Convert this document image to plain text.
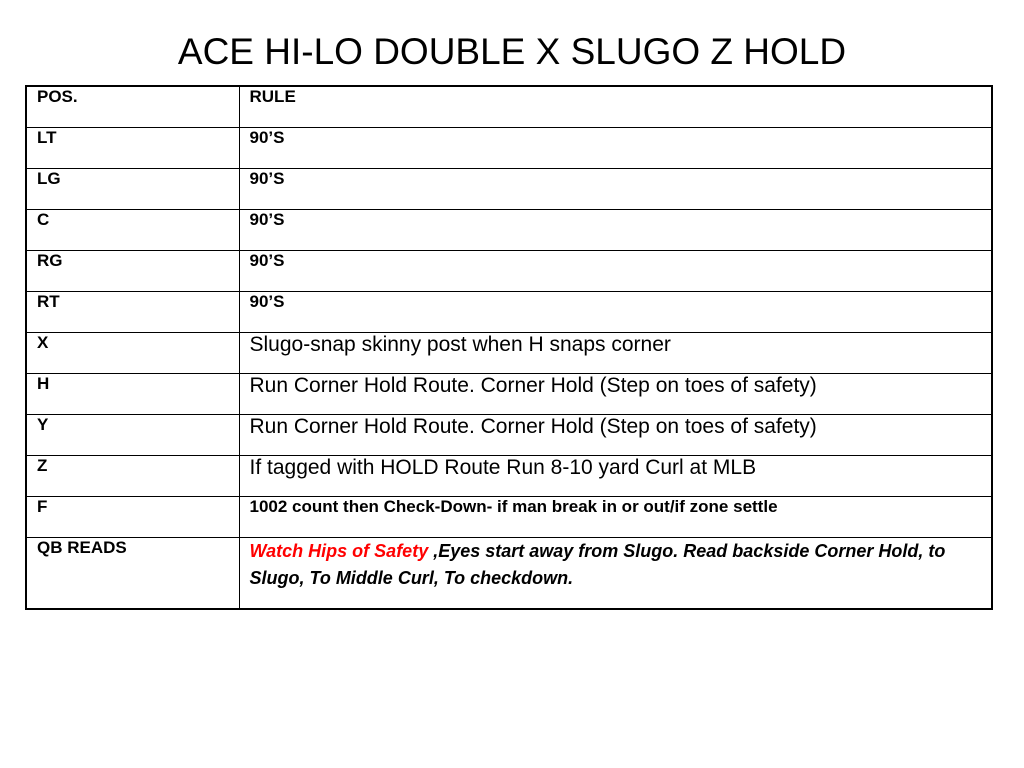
ACE HI-LO DOUBLE X SLUGO Z HOLD
POS.	RULE
LT	90’S
LG	90’S
C	90’S
RG	90’S
RT	90’S
X	Slugo-snap skinny post when H snaps corner
H	Run Corner Hold Route. Corner Hold (Step on toes of safety)
Y	Run Corner Hold Route. Corner Hold (Step on toes of safety)
Z	If tagged with HOLD Route Run 8-10 yard Curl at MLB
F	1002 count then Check-Down- if man break in or out/if zone settle
QB READS	Watch Hips of Safety ,Eyes start away from Slugo. Read backside Corner Hold, to Slugo, To Middle Curl, To checkdown.
